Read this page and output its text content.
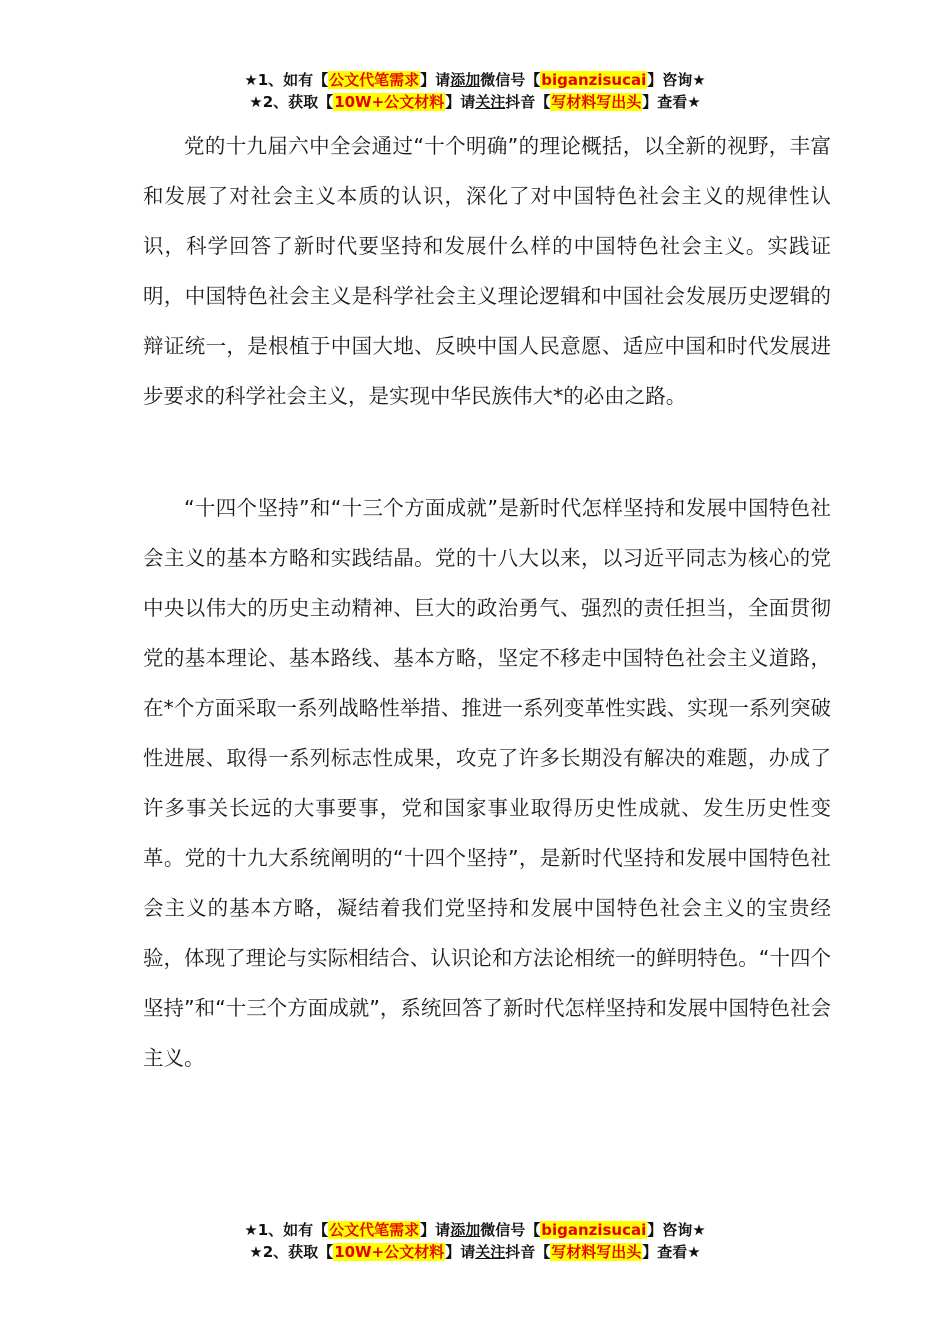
★1、如有【公文代笔需求】请添加微信号【biganzisucai】咨询★
★2、获取【10W+公文材料】请关注抖音【写材料写出头】查看★

党的十九届六中全会通过“十个明确”的理论概括，以全新的视野，丰富和发展了对社会主义本质的认识，深化了对中国特色社会主义的规律性认识，科学回答了新时代要坚持和发展什么样的中国特色社会主义。实践证明，中国特色社会主义是科学社会主义理论逻辑和中国社会发展历史逻辑的辩证统一，是根植于中国大地、反映中国人民意愿、适应中国和时代发展进步要求的科学社会主义，是实现中华民族伟大*的必由之路。

“十四个坚持”和“十三个方面成就”是新时代怎样坚持和发展中国特色社会主义的基本方略和实践结晶。党的十八大以来，以习近平同志为核心的党中央以伟大的历史主动精神、巨大的政治勇气、强烈的责任担当，全面贯彻党的基本理论、基本路线、基本方略，坚定不移走中国特色社会主义道路，在*个方面采取一系列战略性举措、推进一系列变革性实践、实现一系列突破性进展、取得一系列标志性成果，攻克了许多长期没有解决的难题，办成了许多事关长远的大事要事，党和国家事业取得历史性成就、发生历史性变革。党的十九大系统阐明的“十四个坚持”，是新时代坚持和发展中国特色社会主义的基本方略，凝结着我们党坚持和发展中国特色社会主义的宝贵经验，体现了理论与实际相结合、认识论和方法论相统一的鲜明特色。“十四个坚持”和“十三个方面成就”，系统回答了新时代怎样坚持和发展中国特色社会主义。

★1、如有【公文代笔需求】请添加微信号【biganzisucai】咨询★
★2、获取【10W+公文材料】请关注抖音【写材料写出头】查看★
